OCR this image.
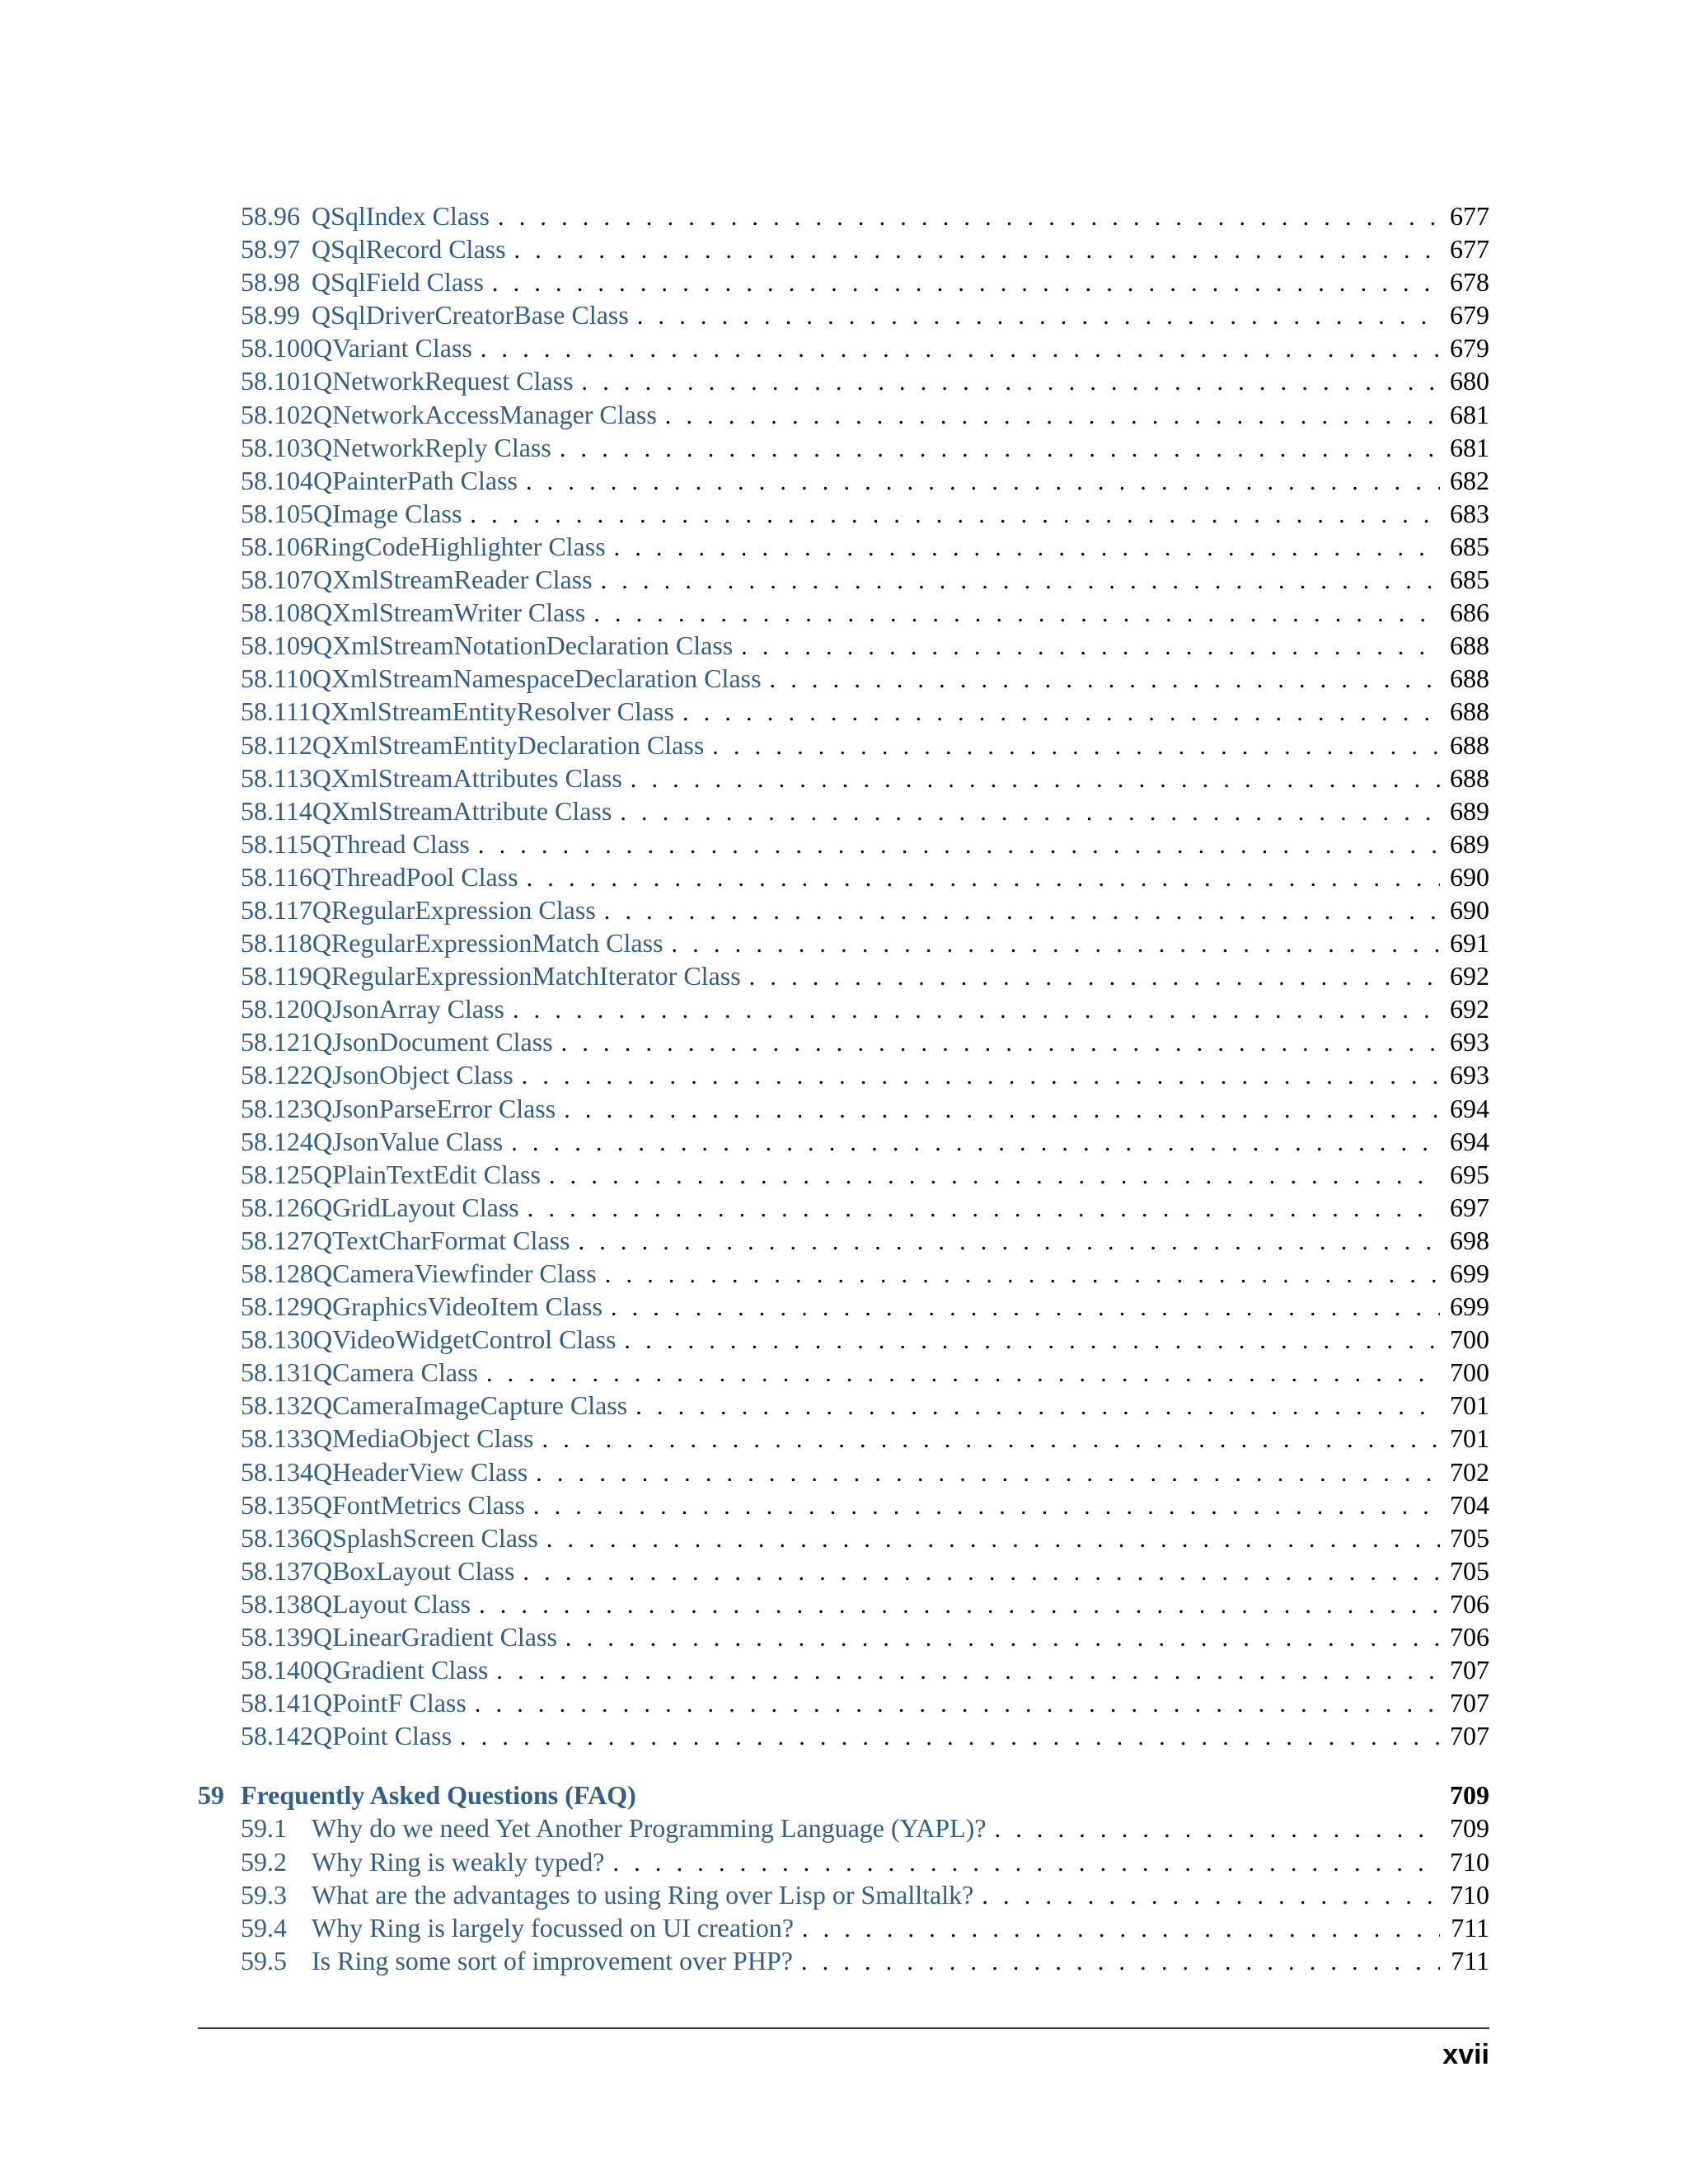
58.96 QSqlIndex Class . . .	677
58.97 QSqlRecord Class . . .	677
58.98 QSqlField Class . . .	678
58.99 QSqlDriverCreatorBase Class . . .	679
58.100 QVariant Class . . .	679
58.101 QNetworkRequest Class . . .	680
58.102 QNetworkAccessManager Class . . .	681
58.103 QNetworkReply Class . . .	681
58.104 QPainterPath Class . . .	682
58.105 QImage Class . . .	683
58.106 RingCodeHighlighter Class . . .	685
58.107 QXmlStreamReader Class . . .	685
58.108 QXmlStreamWriter Class . . .	686
58.109 QXmlStreamNotationDeclaration Class . . .	688
58.110 QXmlStreamNamespaceDeclaration Class . . .	688
58.111 QXmlStreamEntityResolver Class . . .	688
58.112 QXmlStreamEntityDeclaration Class . . .	688
58.113 QXmlStreamAttributes Class . . .	688
58.114 QXmlStreamAttribute Class . . .	689
58.115 QThread Class . . .	689
58.116 QThreadPool Class . . .	690
58.117 QRegularExpression Class . . .	690
58.118 QRegularExpressionMatch Class . . .	691
58.119 QRegularExpressionMatchIterator Class . . .	692
58.120 QJsonArray Class . . .	692
58.121 QJsonDocument Class . . .	693
58.122 QJsonObject Class . . .	693
58.123 QJsonParseError Class . . .	694
58.124 QJsonValue Class . . .	694
58.125 QPlainTextEdit Class . . .	695
58.126 QGridLayout Class . . .	697
58.127 QTextCharFormat Class . . .	698
58.128 QCameraViewfinder Class . . .	699
58.129 QGraphicsVideoItem Class . . .	699
58.130 QVideoWidgetControl Class . . .	700
58.131 QCamera Class . . .	700
58.132 QCameraImageCapture Class . . .	701
58.133 QMediaObject Class . . .	701
58.134 QHeaderView Class . . .	702
58.135 QFontMetrics Class . . .	704
58.136 QSplashScreen Class . . .	705
58.137 QBoxLayout Class . . .	705
58.138 QLayout Class . . .	706
58.139 QLinearGradient Class . . .	706
58.140 QGradient Class . . .	707
58.141 QPointF Class . . .	707
58.142 QPoint Class . . .	707
59 Frequently Asked Questions (FAQ)	709
59.1 Why do we need Yet Another Programming Language (YAPL)? . . .	709
59.2 Why Ring is weakly typed? . . .	710
59.3 What are the advantages to using Ring over Lisp or Smalltalk? . . .	710
59.4 Why Ring is largely focussed on UI creation? . . .	711
59.5 Is Ring some sort of improvement over PHP? . . .	711
xvii
